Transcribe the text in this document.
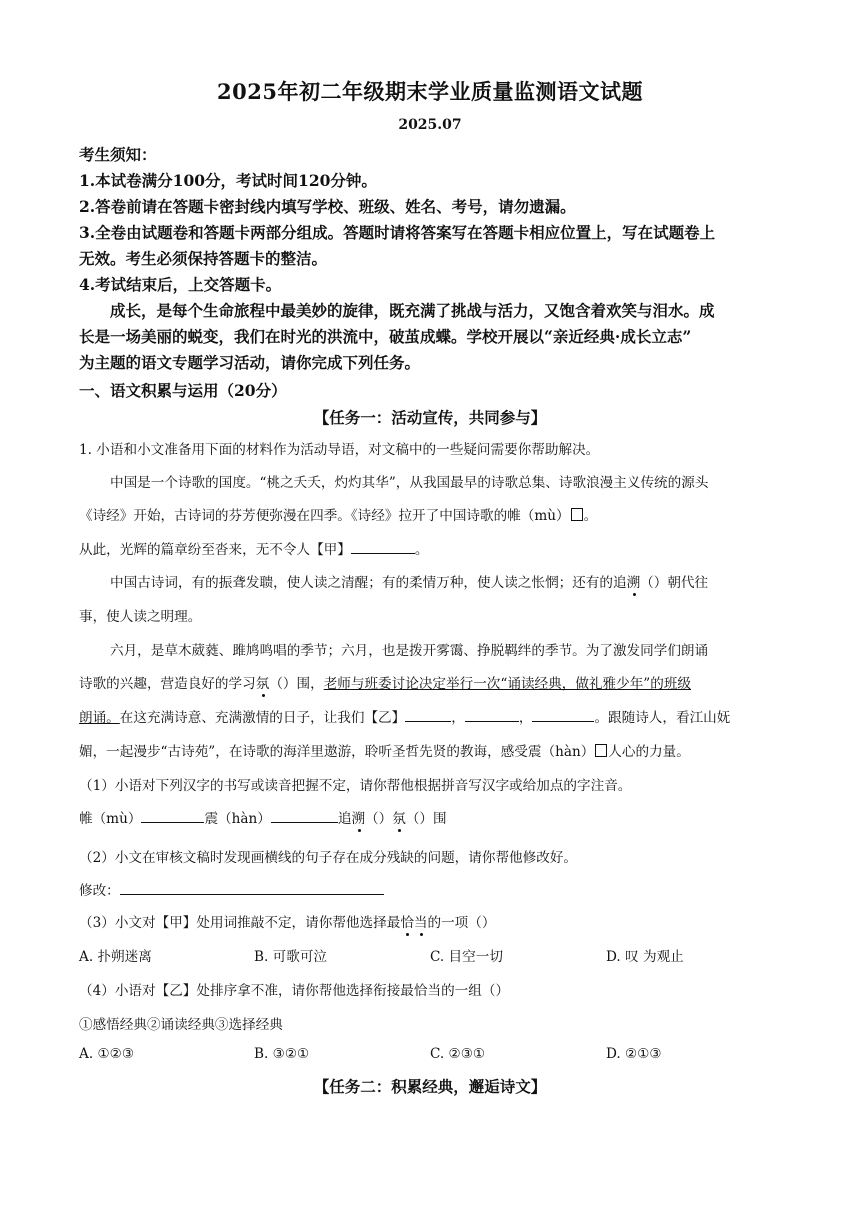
2025年初二年级期末学业质量监测语文试题
2025.07
考生须知：
1.本试卷满分100分，考试时间120分钟。
2.答卷前请在答题卡密封线内填写学校、班级、姓名、考号，请勿遗漏。
3.全卷由试题卷和答题卡两部分组成。答题时请将答案写在答题卡相应位置上，写在试题卷上
无效。考生必须保持答题卡的整洁。
4.考试结束后，上交答题卡。
成长，是每个生命旅程中最美妙的旋律，既充满了挑战与活力，又饱含着欢笑与泪水。成
长是一场美丽的蜕变，我们在时光的洪流中，破茧成蝶。学校开展以“亲近经典·成长立志”
为主题的语文专题学习活动，请你完成下列任务。
一、语文积累与运用（20分）
【任务一：活动宣传，共同参与】
1. 小语和小文准备用下面的材料作为活动导语，对文稿中的一些疑问需要你帮助解决。
中国是一个诗歌的国度。“桃之夭夭，灼灼其华”，从我国最早的诗歌总集、诗歌浪漫主义传统的源头
《诗经》开始，古诗词的芬芳便弥漫在四季。《诗经》拉开了中国诗歌的帷（mù） 。
从此，光辉的篇章纷至沓来，无不令人【甲】	。
中国古诗词，有的振聋发聩，使人读之清醒；有的柔情万种，使人读之怅惘；还有的追溯（）朝代往
事，使人读之明理。
六月，是草木葳蕤、雎鸠鸣唱的季节；六月，也是拨开雾霭、挣脱羁绊的季节。为了激发同学们朗诵
诗歌的兴趣，营造良好的学习氛（）围，老师与班委讨论决定举行一次“诵读经典，做礼雅少年”的班级
朗诵。在这充满诗意、充满激情的日子，让我们【乙】	，	，	。跟随诗人，看江山妩
媚，一起漫步“古诗苑”，在诗歌的海洋里遨游，聆听圣哲先贤的教诲，感受震（hàn） 人心的力量。
（1）小语对下列汉字的书写或读音把握不定，请你帮他根据拼音写汉字或给加点的字注音。
帷（mù）	震（hàn）	追溯（）氛（）围
（2）小文在审核文稿时发现画横线的句子存在成分残缺的问题，请你帮他修改好。
修改：
（3）小文对【甲】处用词推敲不定，请你帮他选择最恰当的一项（）
A. 扑朔迷离	B. 可歌可泣	C. 目空一切	D. 叹 为观止
（4）小语对【乙】处排序拿不准，请你帮他选择衔接最恰当的一组（）
①感悟经典②诵读经典③选择经典
A. ①②③	B. ③②①	C. ②③①	D. ②①③
【任务二：积累经典，邂逅诗文】
